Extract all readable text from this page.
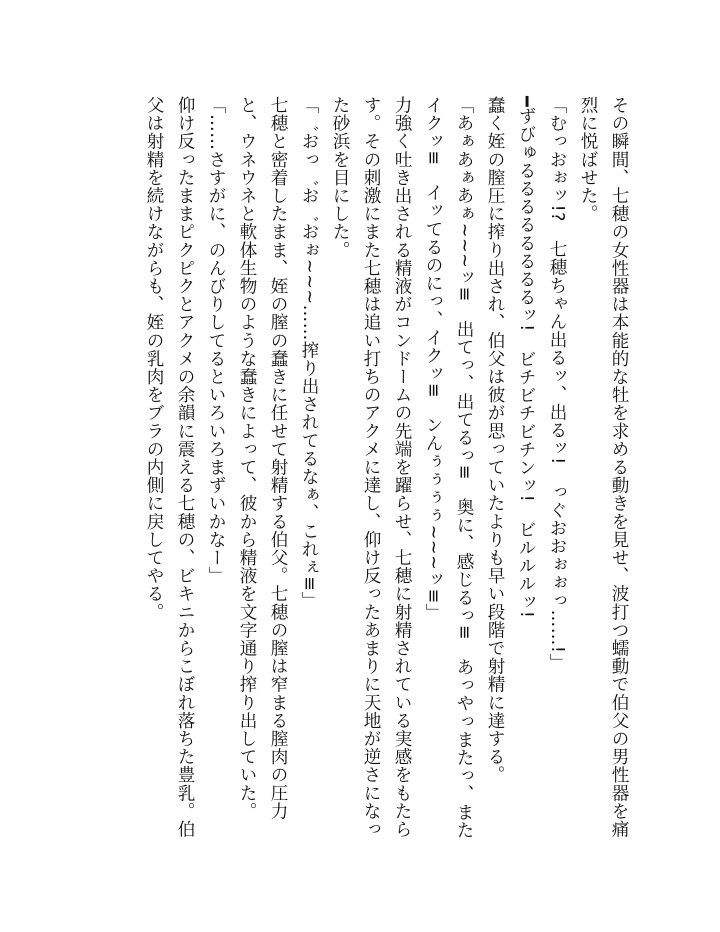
その瞬間、七穂の女性器は本能的な牡を求める動きを見せ、波打つ蠕動で伯父の男性器を痛烈に悦ばせた。

「むっおぉッ!?　七穂ちゃん出るッ、出るッ!　っぐおおぉぉっ……!」

━ずびゅるるるるるるるるッ!　ビチビチビチンッ!　ビルルルッ!

蠢く姪の膣圧に搾り出され、伯父は彼が思っていたよりも早い段階で射精に達する。

「あぁあぁあぁ~~~ッ≡　出てっ、出てるっ≡　奥に、感じるっ≡　あっやっまたっ、またイクッ≡　イッてるのにっ、イクッ≡　ンんぅぅぅぅ~~~ッ≡」

力強く吐き出される精液がコンドームの先端を躍らせ、七穂に射精されている実感をもたらす。その刺激にまた七穂は追い打ちのアクメに達し、仰け反ったあまりに天地が逆さになった砂浜を目にした。

「゛おっ゛お゛おぉ~~~……搾り出されてるなぁ、これぇ≡」

七穂と密着したまま、姪の膣の蠢きに任せて射精する伯父。七穂の膣は窄まる膣肉の圧力と、ウネウネと軟体生物のような蠢きによって、彼から精液を文字通り搾り出していた。

「……さすがに、のんびりしてるといろいろまずいかなー」

仰け反ったままピクピクとアクメの余韻に震える七穂の、ビキニからこぼれ落ちた豊乳。伯父は射精を続けながらも、姪の乳肉をブラの内側に戻してやる。
